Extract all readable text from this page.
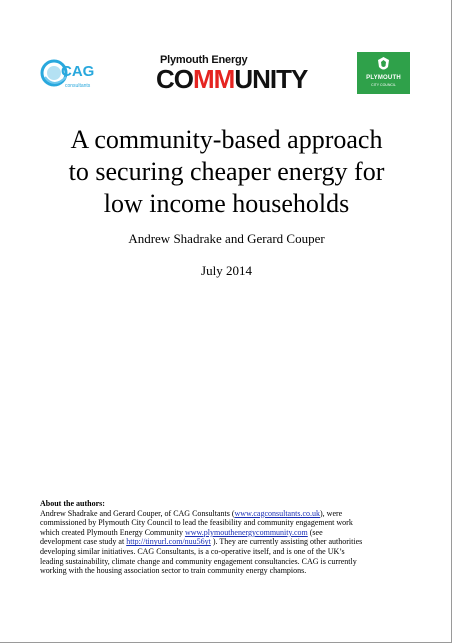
CAG
consultants
Plymouth Energy
COMMUNITY	PLYMOUTH
CITY COUNCIL
A community-based approach
to securing cheaper energy for
low income households
Andrew Shadrake and Gerard Couper
July 2014
About the authors:
Andrew Shadrake and Gerard Couper, of CAG Consultants (www.cagconsultants.co.uk), were
commissioned by Plymouth City Council to lead the feasibility and community engagement work
which created Plymouth Energy Community www.plymouthenergycommunity.com (see
development case study at http://tinyurl.com/nuu56yt ). They are currently assisting other authorities
developing similar initiatives. CAG Consultants, is a co-operative itself, and is one of the UK’s
leading sustainability, climate change and community engagement consultancies. CAG is currently
working with the housing association sector to train community energy champions.
